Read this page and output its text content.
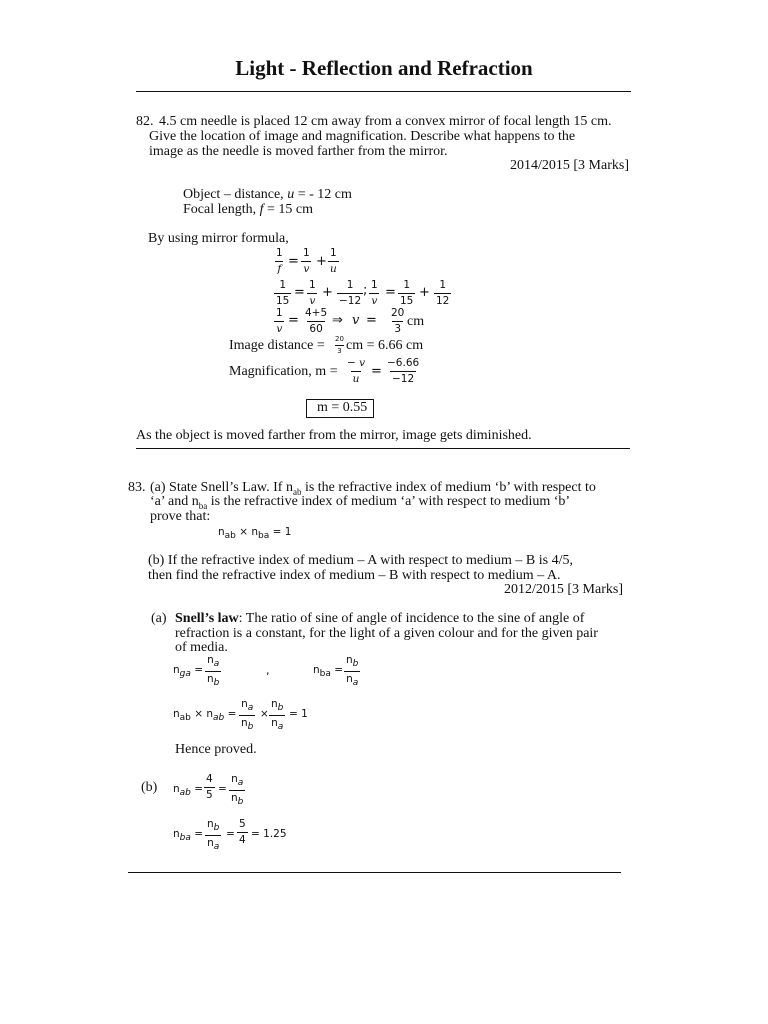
Light - Reflection and Refraction
82. 4.5 cm needle is placed 12 cm away from a convex mirror of focal length 15 cm.
Give the location of image and magnification. Describe what happens to the
image as the needle is moved farther from the mirror.
2014/2015 [3 Marks]
Object – distance, u = - 12 cm
Focal length, f = 15 cm
By using mirror formula,
$\frac{1}{f} = \frac{1}{v} + \frac{1}{u}$
$\frac{1}{15} = \frac{1}{v} + \frac{1}{-12}$ ; $\frac{1}{v} = \frac{1}{15} + \frac{1}{12}$
$\frac{1}{v} = \frac{4+5}{60}$ ⇒ $v = \frac{20}{3}$ cm
Image distance = $\frac{20}{3}$ cm = 6.66 cm
Magnification, $m = \frac{- v}{u} = \frac{-6.66}{-12}$
m = 0.55
As the object is moved farther from the mirror, image gets diminished.
83. (a) State Snell’s Law. If $n_{ab}$ is the refractive index of medium ‘b’ with respect to
‘a’ and $n_{ba}$ is the refractive index of medium ‘a’ with respect to medium ‘b’
prove that:
$n_{ab} \times n_{ba} = 1$
(b) If the refractive index of medium – A with respect to medium – B is 4/5,
then find the refractive index of medium – B with respect to medium – A.
2012/2015 [3 Marks]
(a) Snell’s law: The ratio of sine of angle of incidence to the sine of angle of
refraction is a constant, for the light of a given colour and for the given pair
of media.
$n_{ga} = \frac{n_a}{n_b}$	,	$n_{ba} = \frac{n_b}{n_a}$
$n_{ab} \times n_{ab} = \frac{n_a}{n_b} \times \frac{n_b}{n_a} = 1$
Hence proved.
(b) $n_{ab} = \frac{4}{5} = \frac{n_a}{n_b}$
$n_{ba} = \frac{n_b}{n_a} = \frac{5}{4} = 1.25$
